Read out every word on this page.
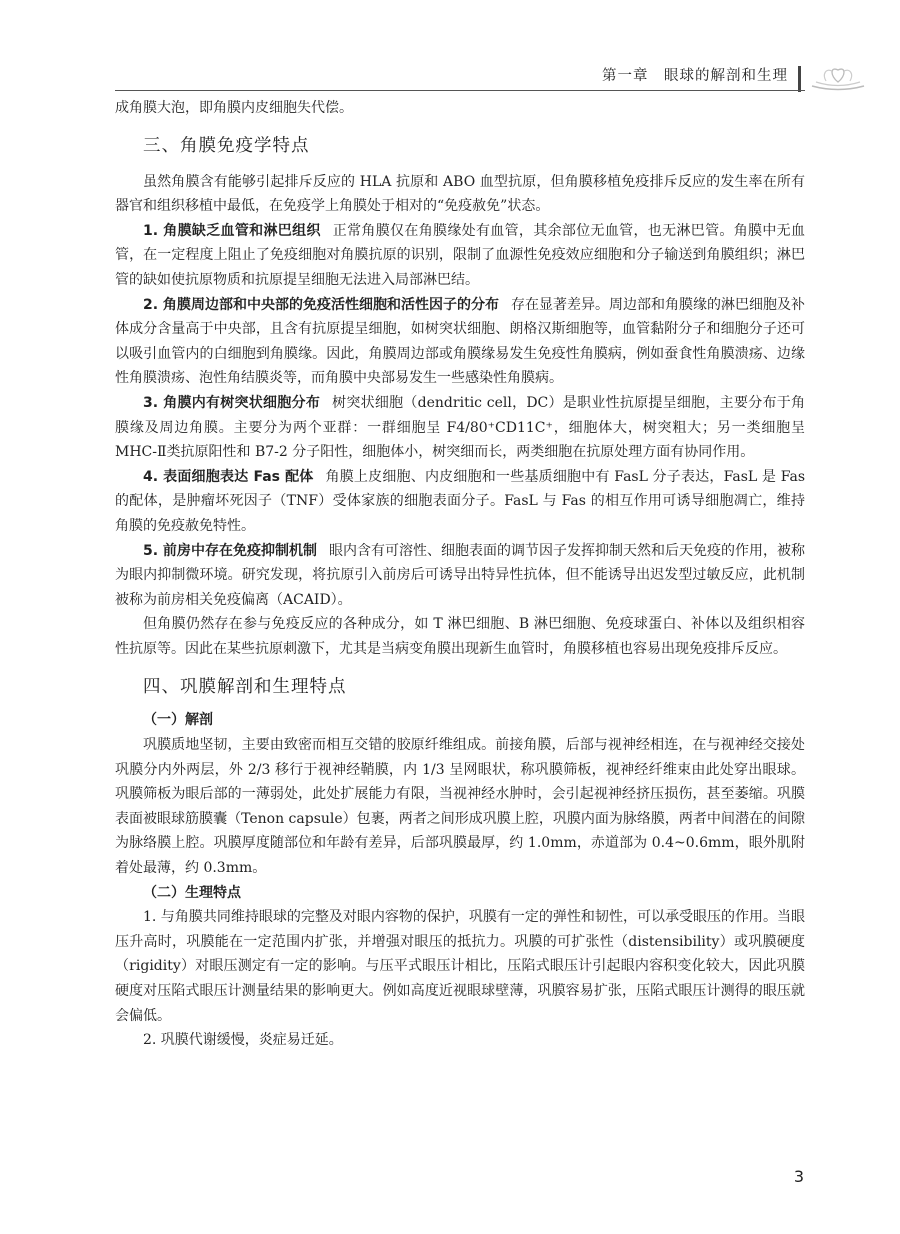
第一章　眼球的解剖和生理

成角膜大泡，即角膜内皮细胞失代偿。

三、角膜免疫学特点

虽然角膜含有能够引起排斥反应的 HLA 抗原和 ABO 血型抗原，但角膜移植免疫排斥反应的发生率在所有器官和组织移植中最低，在免疫学上角膜处于相对的“免疫赦免”状态。

1. 角膜缺乏血管和淋巴组织 正常角膜仅在角膜缘处有血管，其余部位无血管，也无淋巴管。角膜中无血管，在一定程度上阻止了免疫细胞对角膜抗原的识别，限制了血源性免疫效应细胞和分子输送到角膜组织；淋巴管的缺如使抗原物质和抗原提呈细胞无法进入局部淋巴结。

2. 角膜周边部和中央部的免疫活性细胞和活性因子的分布 存在显著差异。周边部和角膜缘的淋巴细胞及补体成分含量高于中央部，且含有抗原提呈细胞，如树突状细胞、朗格汉斯细胞等，血管黏附分子和细胞分子还可以吸引血管内的白细胞到角膜缘。因此，角膜周边部或角膜缘易发生免疫性角膜病，例如蚕食性角膜溃疡、边缘性角膜溃疡、泡性角结膜炎等，而角膜中央部易发生一些感染性角膜病。

3. 角膜内有树突状细胞分布 树突状细胞（dendritic cell，DC）是职业性抗原提呈细胞，主要分布于角膜缘及周边角膜。主要分为两个亚群：一群细胞呈 F4/80⁺CD11C⁺，细胞体大，树突粗大；另一类细胞呈 MHC-Ⅱ类抗原阳性和 B7-2 分子阳性，细胞体小，树突细而长，两类细胞在抗原处理方面有协同作用。

4. 表面细胞表达 Fas 配体 角膜上皮细胞、内皮细胞和一些基质细胞中有 FasL 分子表达，FasL 是 Fas 的配体，是肿瘤坏死因子（TNF）受体家族的细胞表面分子。FasL 与 Fas 的相互作用可诱导细胞凋亡，维持角膜的免疫赦免特性。

5. 前房中存在免疫抑制机制 眼内含有可溶性、细胞表面的调节因子发挥抑制天然和后天免疫的作用，被称为眼内抑制微环境。研究发现，将抗原引入前房后可诱导出特异性抗体，但不能诱导出迟发型过敏反应，此机制被称为前房相关免疫偏离（ACAID）。

但角膜仍然存在参与免疫反应的各种成分，如 T 淋巴细胞、B 淋巴细胞、免疫球蛋白、补体以及组织相容性抗原等。因此在某些抗原刺激下，尤其是当病变角膜出现新生血管时，角膜移植也容易出现免疫排斥反应。

四、巩膜解剖和生理特点
（一）解剖

巩膜质地坚韧，主要由致密而相互交错的胶原纤维组成。前接角膜，后部与视神经相连，在与视神经交接处巩膜分内外两层，外 2/3 移行于视神经鞘膜，内 1/3 呈网眼状，称巩膜筛板，视神经纤维束由此处穿出眼球。巩膜筛板为眼后部的一薄弱处，此处扩展能力有限，当视神经水肿时，会引起视神经挤压损伤，甚至萎缩。巩膜表面被眼球筋膜囊（Tenon capsule）包裹，两者之间形成巩膜上腔，巩膜内面为脉络膜，两者中间潜在的间隙为脉络膜上腔。巩膜厚度随部位和年龄有差异，后部巩膜最厚，约 1.0mm，赤道部为 0.4~0.6mm，眼外肌附着处最薄，约 0.3mm。

（二）生理特点

1. 与角膜共同维持眼球的完整及对眼内容物的保护，巩膜有一定的弹性和韧性，可以承受眼压的作用。当眼压升高时，巩膜能在一定范围内扩张，并增强对眼压的抵抗力。巩膜的可扩张性（distensibility）或巩膜硬度（rigidity）对眼压测定有一定的影响。与压平式眼压计相比，压陷式眼压计引起眼内容积变化较大，因此巩膜硬度对压陷式眼压计测量结果的影响更大。例如高度近视眼球壁薄，巩膜容易扩张，压陷式眼压计测得的眼压就会偏低。

2. 巩膜代谢缓慢，炎症易迁延。

3
